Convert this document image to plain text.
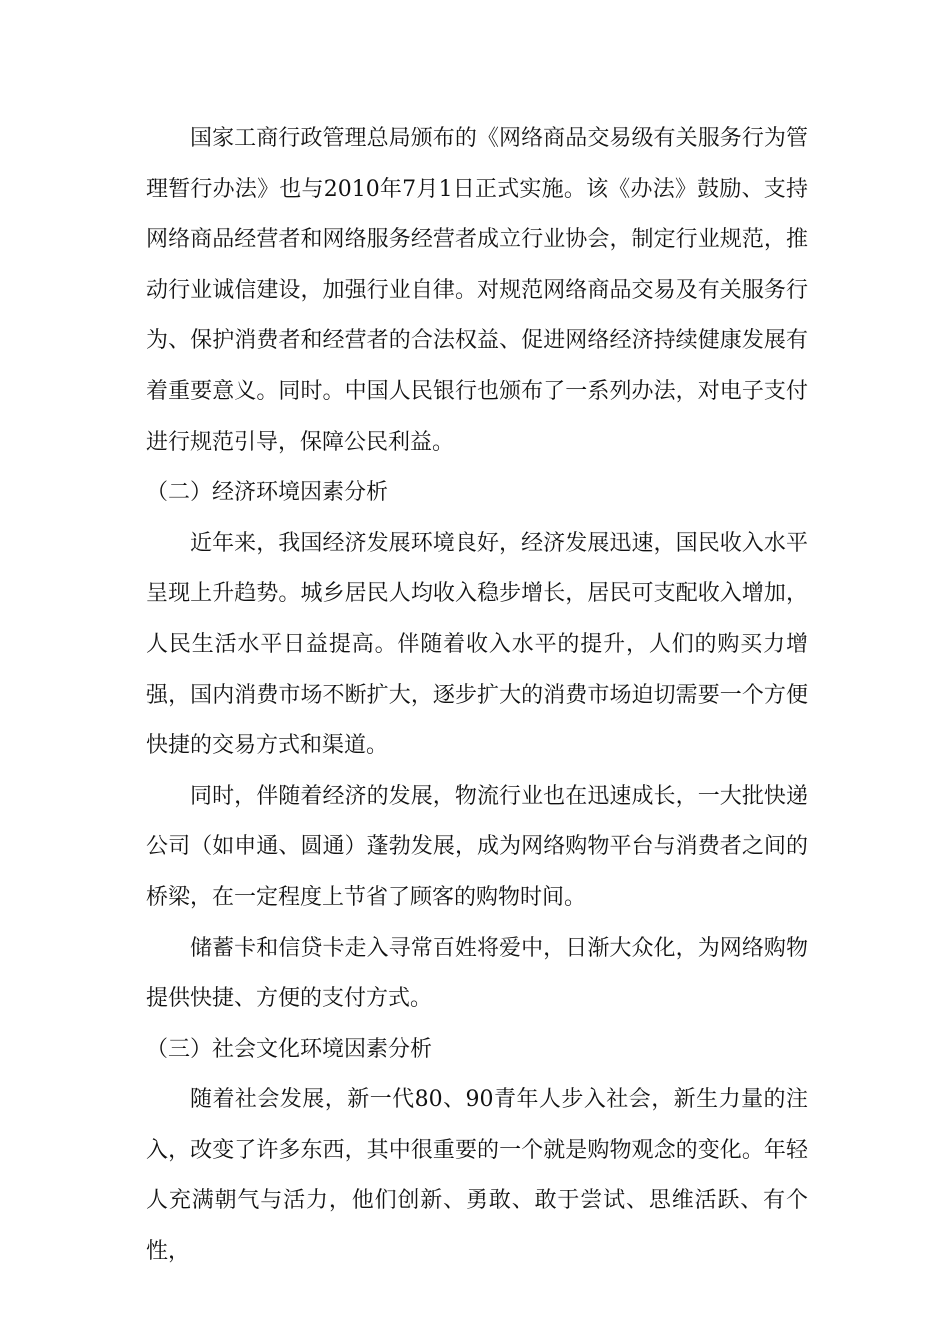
国家工商行政管理总局颁布的《网络商品交易级有关服务行为管理暂行办法》也与2010年7月1日正式实施。该《办法》鼓励、支持网络商品经营者和网络服务经营者成立行业协会，制定行业规范，推动行业诚信建设，加强行业自律。对规范网络商品交易及有关服务行为、保护消费者和经营者的合法权益、促进网络经济持续健康发展有着重要意义。同时。中国人民银行也颁布了一系列办法，对电子支付进行规范引导，保障公民利益。

（二）经济环境因素分析

近年来，我国经济发展环境良好，经济发展迅速，国民收入水平呈现上升趋势。城乡居民人均收入稳步增长，居民可支配收入增加，人民生活水平日益提高。伴随着收入水平的提升，人们的购买力增强，国内消费市场不断扩大，逐步扩大的消费市场迫切需要一个方便快捷的交易方式和渠道。

同时，伴随着经济的发展，物流行业也在迅速成长，一大批快递公司（如申通、圆通）蓬勃发展，成为网络购物平台与消费者之间的桥梁，在一定程度上节省了顾客的购物时间。

储蓄卡和信贷卡走入寻常百姓将爱中，日渐大众化，为网络购物提供快捷、方便的支付方式。

（三）社会文化环境因素分析

随着社会发展，新一代80、90青年人步入社会，新生力量的注入，改变了许多东西，其中很重要的一个就是购物观念的变化。年轻人充满朝气与活力，他们创新、勇敢、敢于尝试、思维活跃、有个性，
